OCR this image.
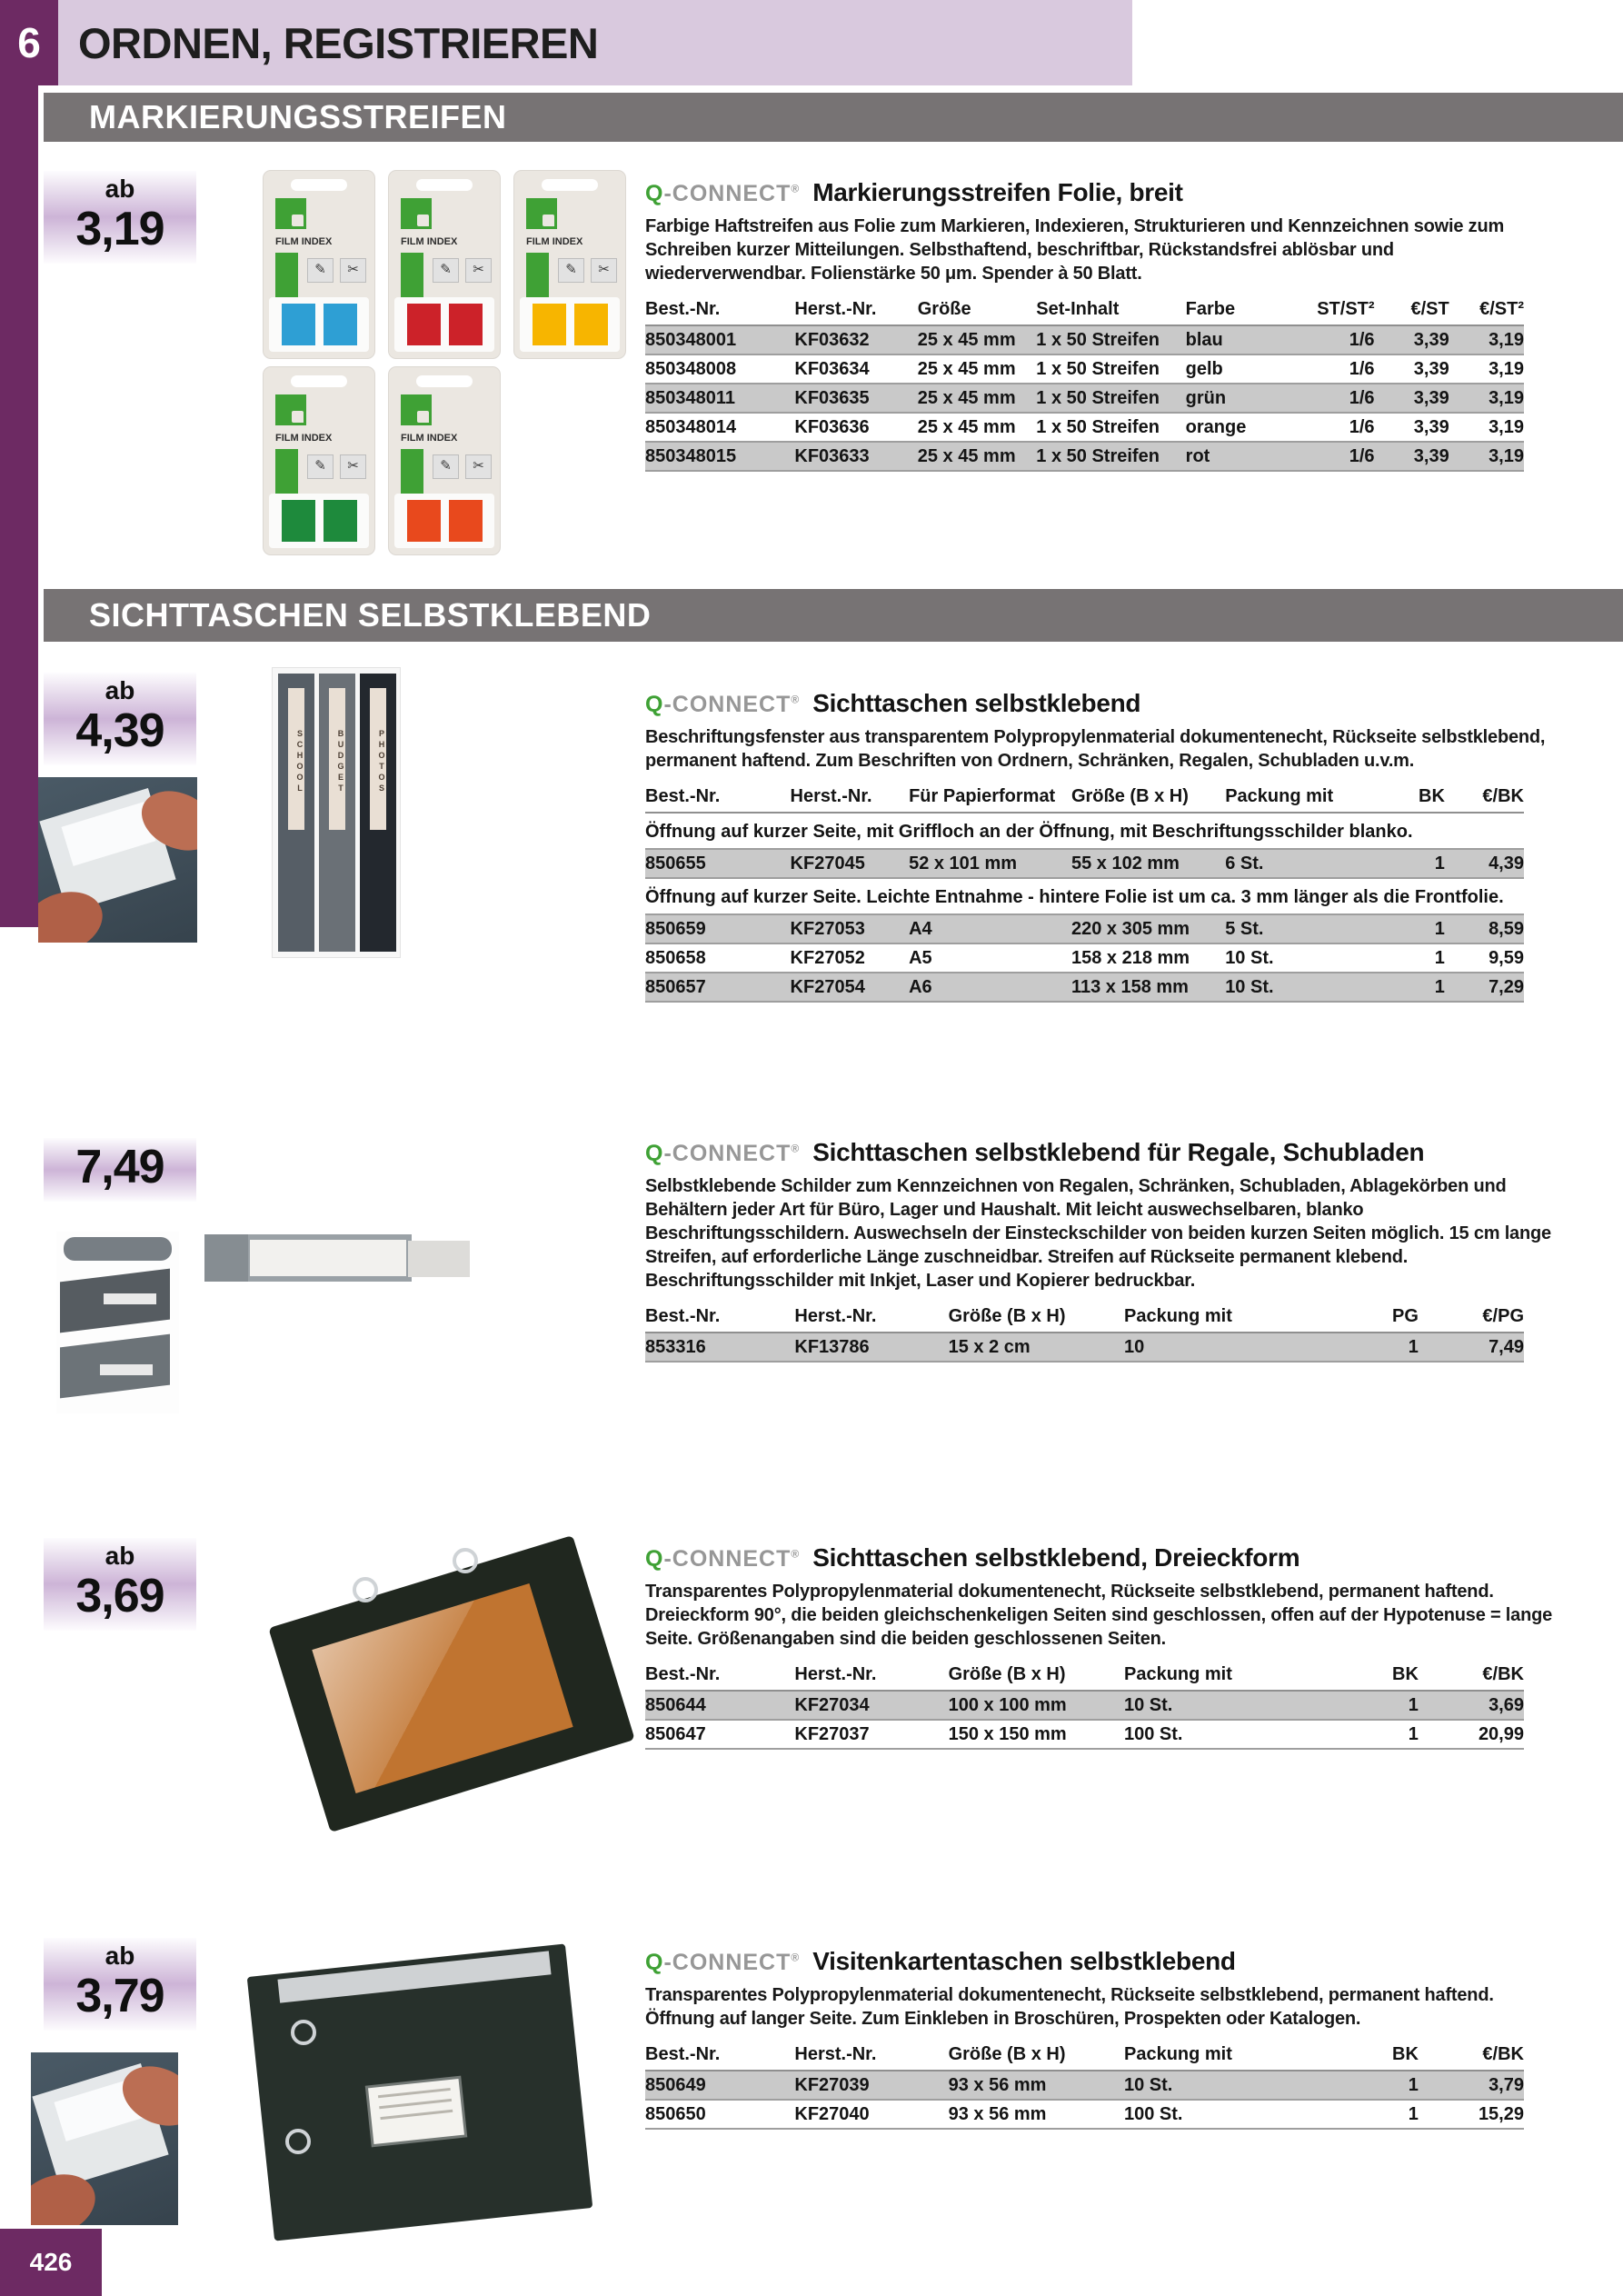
6 ORDNEN, REGISTRIEREN
MARKIERUNGSSTREIFEN
SICHTTASCHEN SELBSTKLEBEND
ab
3,19
ab
4,39
7,49
ab
3,69
ab
3,79
FILM INDEX
✎	✂
FILM INDEX
✎	✂
FILM INDEX
✎	✂
FILM INDEX
✎	✂
FILM INDEX
✎	✂
SCHOOL	BUDGET	PHOTOS
Q-CONNECT® Markierungsstreifen Folie, breit

Farbige Haftstreifen aus Folie zum Markieren, Indexieren, Strukturieren und Kennzeichnen sowie zum Schreiben kurzer Mitteilungen. Selbsthaftend, beschriftbar, Rückstandsfrei ablösbar und wiederverwendbar. Folienstärke 50 μm. Spender à 50 Blatt.

Best.-Nr.	Herst.-Nr.	Größe	Set-Inhalt	Farbe	ST/ST²	€/ST	€/ST²
850348001	KF03632	25 x 45 mm	1 x 50 Streifen	blau	1/6	3,39	3,19
850348008	KF03634	25 x 45 mm	1 x 50 Streifen	gelb	1/6	3,39	3,19
850348011	KF03635	25 x 45 mm	1 x 50 Streifen	grün	1/6	3,39	3,19
850348014	KF03636	25 x 45 mm	1 x 50 Streifen	orange	1/6	3,39	3,19
850348015	KF03633	25 x 45 mm	1 x 50 Streifen	rot	1/6	3,39	3,19
Q-CONNECT® Sichttaschen selbstklebend

Beschriftungsfenster aus transparentem Polypropylenmaterial dokumentenecht, Rückseite selbstklebend, permanent haftend. Zum Beschriften von Ordnern, Schränken, Regalen, Schubladen u.v.m.

Best.-Nr.	Herst.-Nr.	Für Papierformat	Größe (B x H)	Packung mit	BK	€/BK
Öffnung auf kurzer Seite, mit Griffloch an der Öffnung, mit Beschriftungsschilder blanko.						
850655	KF27045	52 x 101 mm	55 x 102 mm	6 St.	1	4,39
Öffnung auf kurzer Seite. Leichte Entnahme - hintere Folie ist um ca. 3 mm länger als die Frontfolie.						
850659	KF27053	A4	220 x 305 mm	5 St.	1	8,59
850658	KF27052	A5	158 x 218 mm	10 St.	1	9,59
850657	KF27054	A6	113 x 158 mm	10 St.	1	7,29
Q-CONNECT® Sichttaschen selbstklebend für Regale, Schubladen

Selbstklebende Schilder zum Kennzeichnen von Regalen, Schränken, Schubladen, Ablagekörben und Behältern jeder Art für Büro, Lager und Haushalt. Mit leicht auswechselbaren, blanko Beschriftungsschildern. Auswechseln der Einsteckschilder von beiden kurzen Seiten möglich. 15 cm lange Streifen, auf erforderliche Länge zuschneidbar. Streifen auf Rückseite permanent klebend. Beschriftungsschilder mit Inkjet, Laser und Kopierer bedruckbar.

Best.-Nr.	Herst.-Nr.	Größe (B x H)	Packung mit	PG	€/PG
853316	KF13786	15 x 2 cm	10	1	7,49
Q-CONNECT® Sichttaschen selbstklebend, Dreieckform

Transparentes Polypropylenmaterial dokumentenecht, Rückseite selbstklebend, permanent haftend. Dreieckform 90°, die beiden gleichschenkeligen Seiten sind geschlossen, offen auf der Hypotenuse = lange Seite. Größenangaben sind die beiden geschlossenen Seiten.

Best.-Nr.	Herst.-Nr.	Größe (B x H)	Packung mit	BK	€/BK
850644	KF27034	100 x 100 mm	10 St.	1	3,69
850647	KF27037	150 x 150 mm	100 St.	1	20,99
Q-CONNECT® Visitenkartentaschen selbstklebend

Transparentes Polypropylenmaterial dokumentenecht, Rückseite selbstklebend, permanent haftend. Öffnung auf langer Seite. Zum Einkleben in Broschüren, Prospekten oder Katalogen.

Best.-Nr.	Herst.-Nr.	Größe (B x H)	Packung mit	BK	€/BK
850649	KF27039	93 x 56 mm	10 St.	1	3,79
850650	KF27040	93 x 56 mm	100 St.	1	15,29
426
